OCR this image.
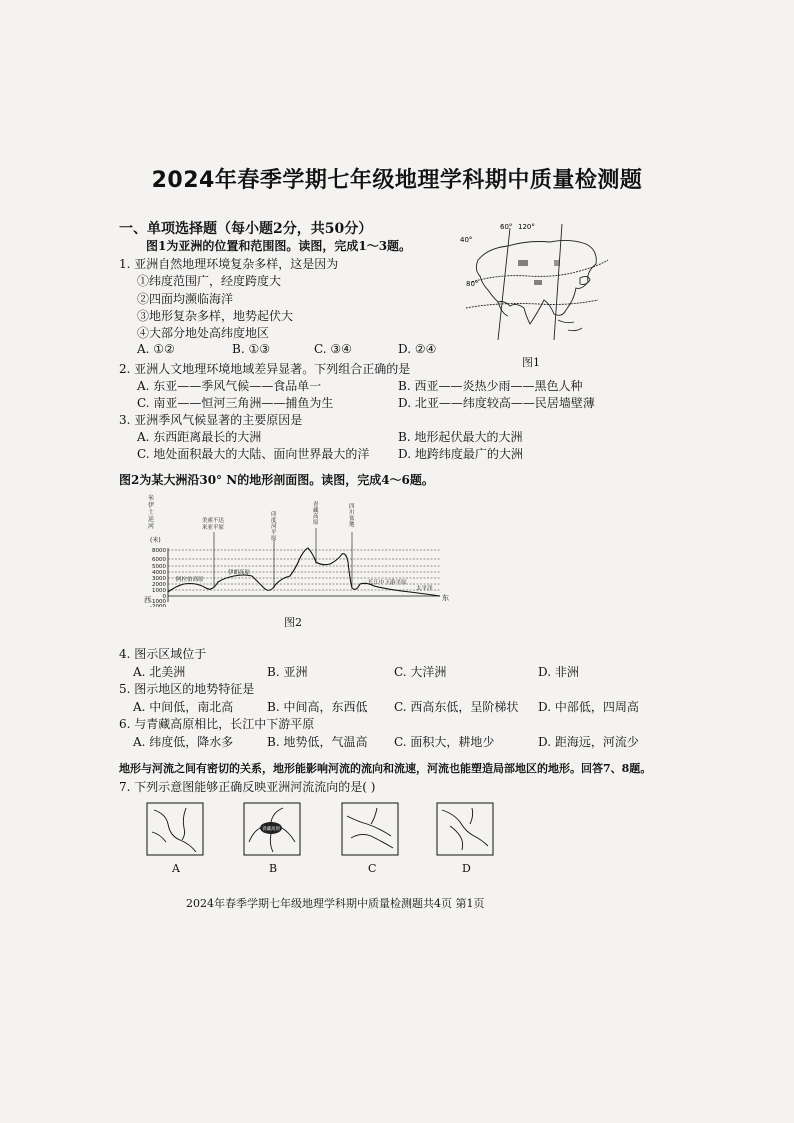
2024年春季学期七年级地理学科期中质量检测题
一、单项选择题（每小题2分，共50分）
图1为亚洲的位置和范围图。读图，完成1～3题。
60° 120°
40°
80°
图1
1. 亚洲自然地理环境复杂多样，这是因为
①纬度范围广，经度跨度大
②四面均濒临海洋
③地形复杂多样，地势起伏大
④大部分地处高纬度地区
A. ①②	B. ①③	C. ③④	D. ②④
2. 亚洲人文地理环境地域差异显著。下列组合正确的是
A. 东亚——季风气候——食品单一	B. 西亚——炎热少雨——黑色人种
C. 南亚——恒河三角洲——捕鱼为生	D. 北亚——纬度较高——民居墙壁薄
3. 亚洲季风气候显著的主要原因是
A. 东西距离最长的大洲	B. 地形起伏最大的大洲
C. 地处面积最大的大陆、面向世界最大的洋 D. 地跨纬度最广的大洲
图2为某大洲沿30° N的地形剖面图。读图，完成4～6题。
米
伊
士
运
河
(米)
8000
6000
5000
4000
3000
2000
1000
0
-1000
-2000
美索不达
米亚平原
印
度
河
平
原
青
藏
高
原
四
川
盆
地
阿拉伯高原
伊朗高原
长江中下游平原
太平洋
西	东
图2
4. 图示区域位于
A. 北美洲	B. 亚洲	C. 大洋洲	D. 非洲
5. 图示地区的地势特征是
A. 中间低，南北高	B. 中间高，东西低 C. 西高东低，呈阶梯状 D. 中部低，四周高
6. 与青藏高原相比，长江中下游平原
A. 纬度低，降水多	B. 地势低，气温高 C. 面积大，耕地少	D. 距海远，河流少
地形与河流之间有密切的关系，地形能影响河流的流向和流速，河流也能塑造局部地区的地形。回答7、8题。
7. 下列示意图能够正确反映亚洲河流流向的是( )
A
青藏高原
B	C	D
2024年春季学期七年级地理学科期中质量检测题共4页 第1页
